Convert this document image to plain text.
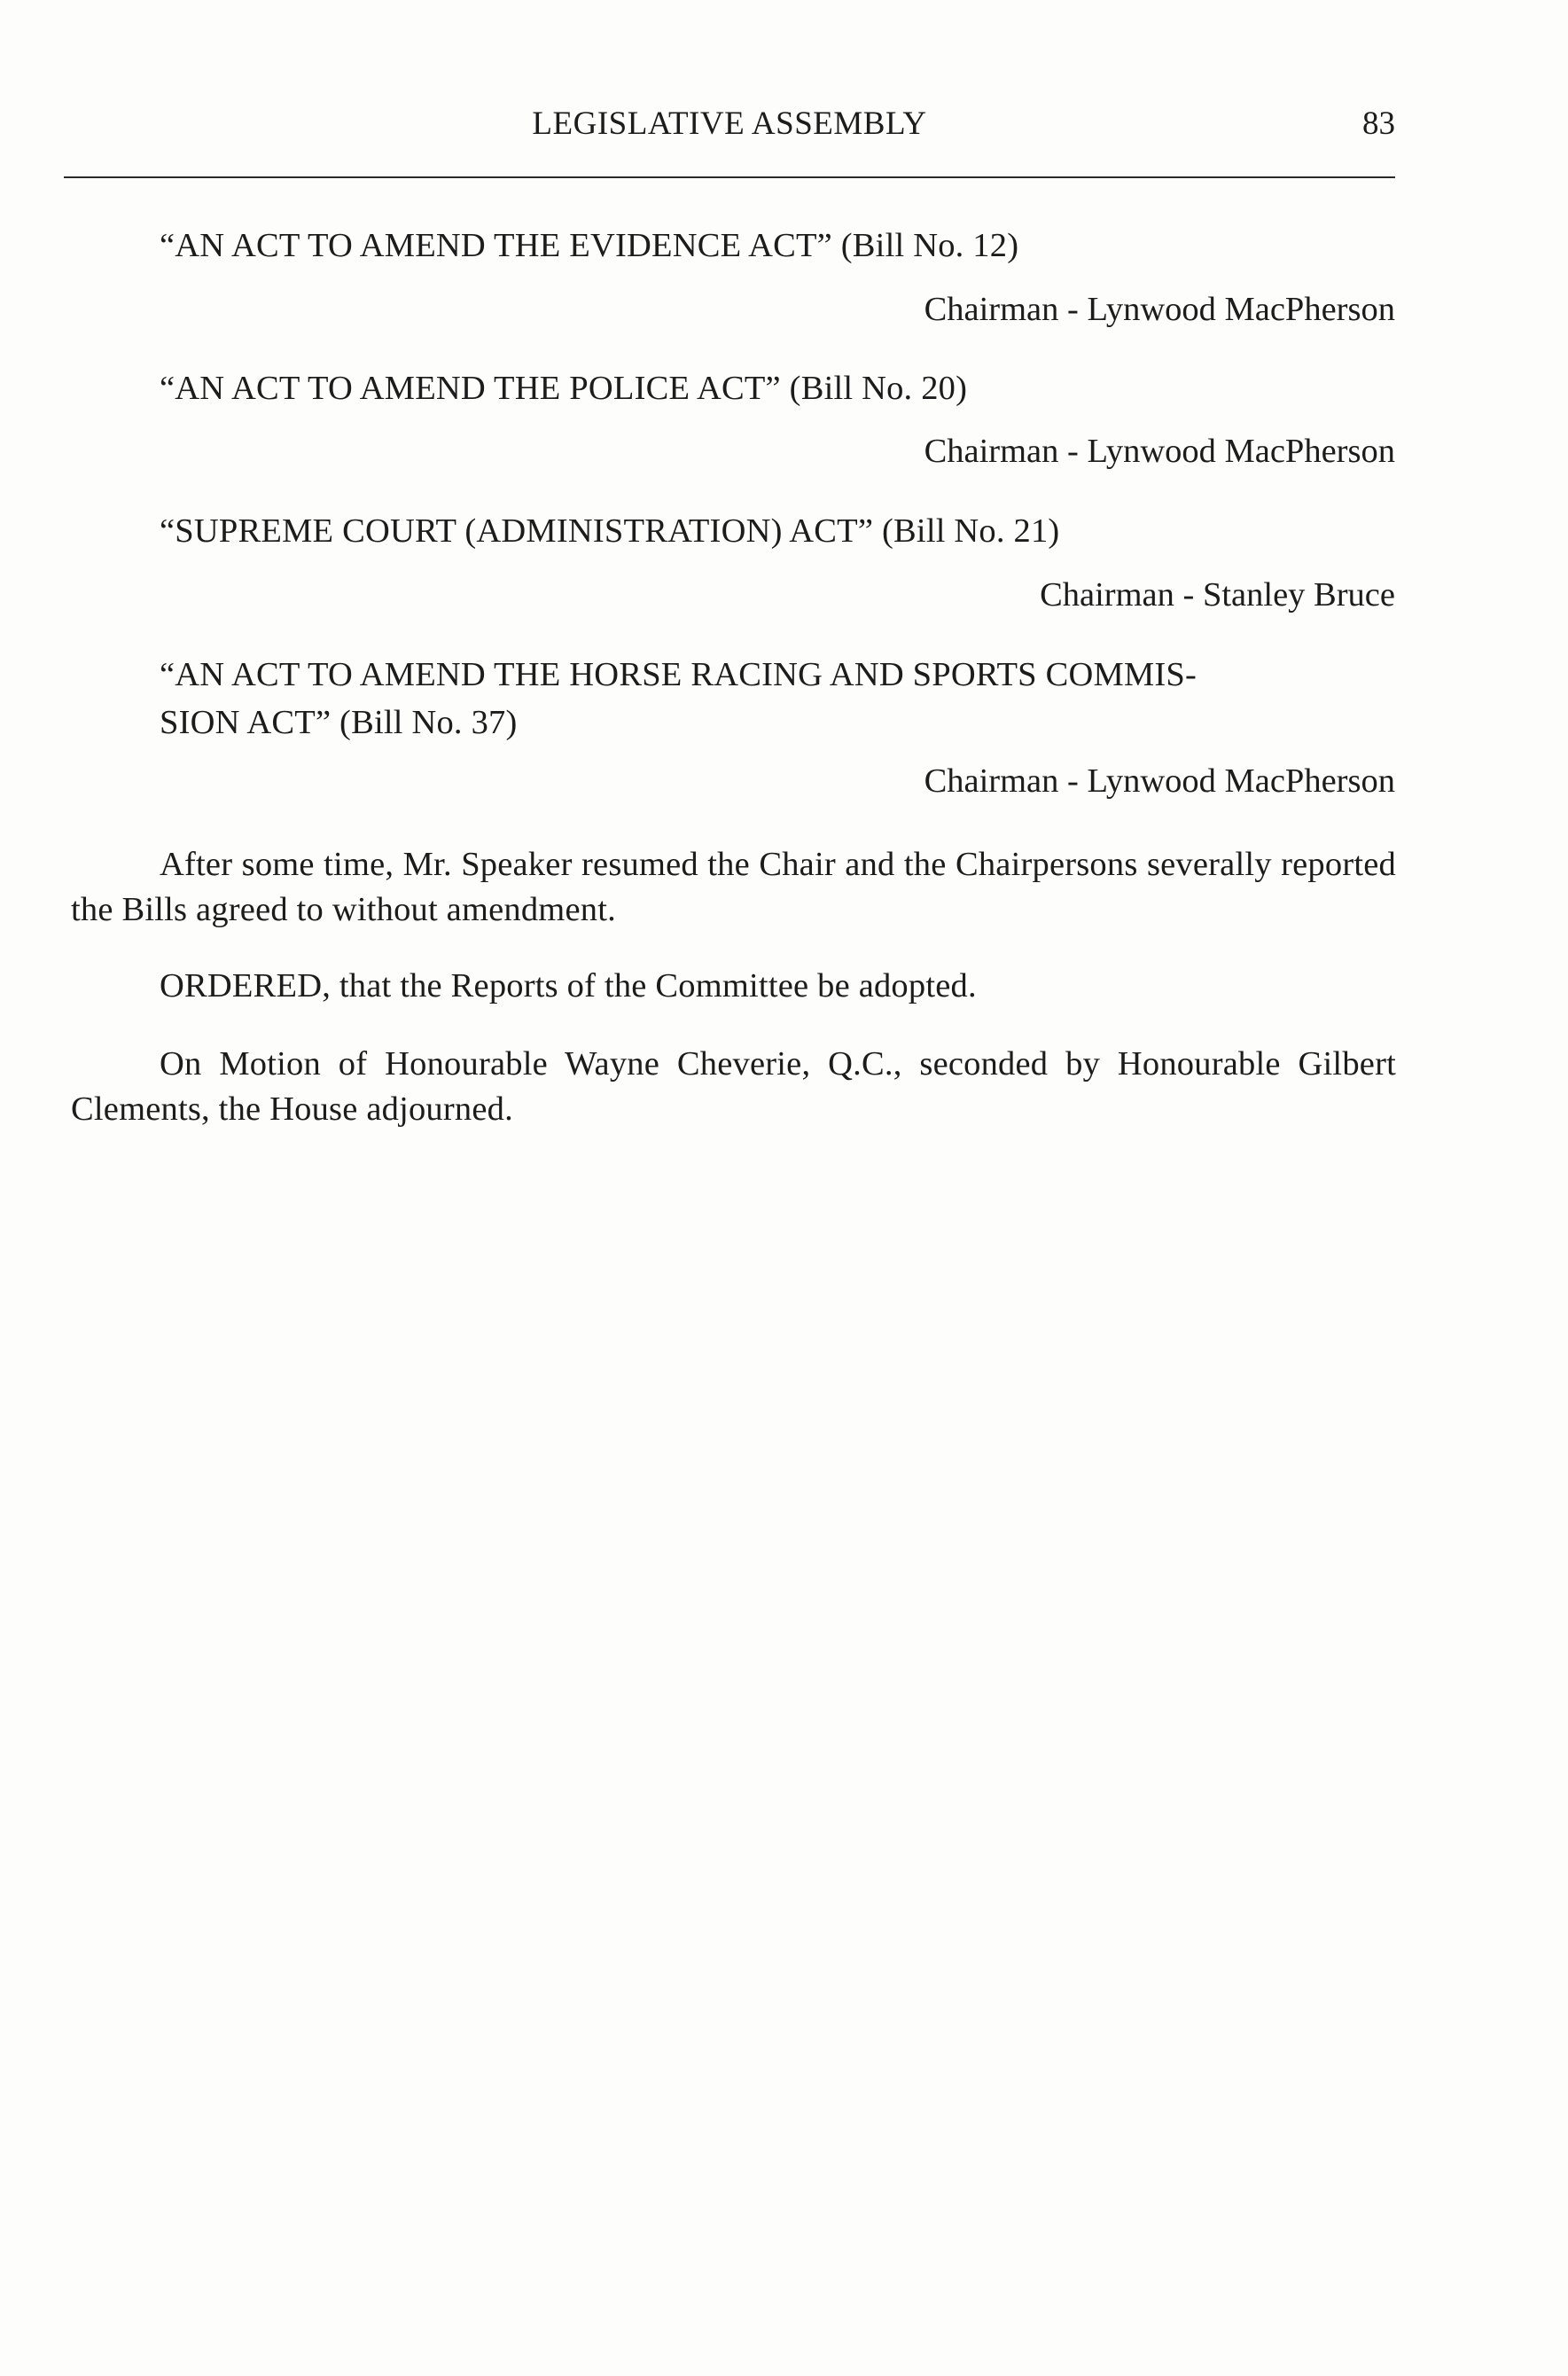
LEGISLATIVE ASSEMBLY	83
“AN ACT TO AMEND THE EVIDENCE ACT” (Bill No. 12)
Chairman - Lynwood MacPherson
“AN ACT TO AMEND THE POLICE ACT” (Bill No. 20)
Chairman - Lynwood MacPherson
“SUPREME COURT (ADMINISTRATION) ACT” (Bill No. 21)
Chairman - Stanley Bruce
“AN ACT TO AMEND THE HORSE RACING AND SPORTS COMMIS-
SION ACT” (Bill No. 37)
Chairman - Lynwood MacPherson
After some time, Mr. Speaker resumed the Chair and the Chairpersons severally reported the Bills agreed to without amendment.
ORDERED, that the Reports of the Committee be adopted.
On Motion of Honourable Wayne Cheverie, Q.C., seconded by Honourable Gilbert Clements, the House adjourned.
